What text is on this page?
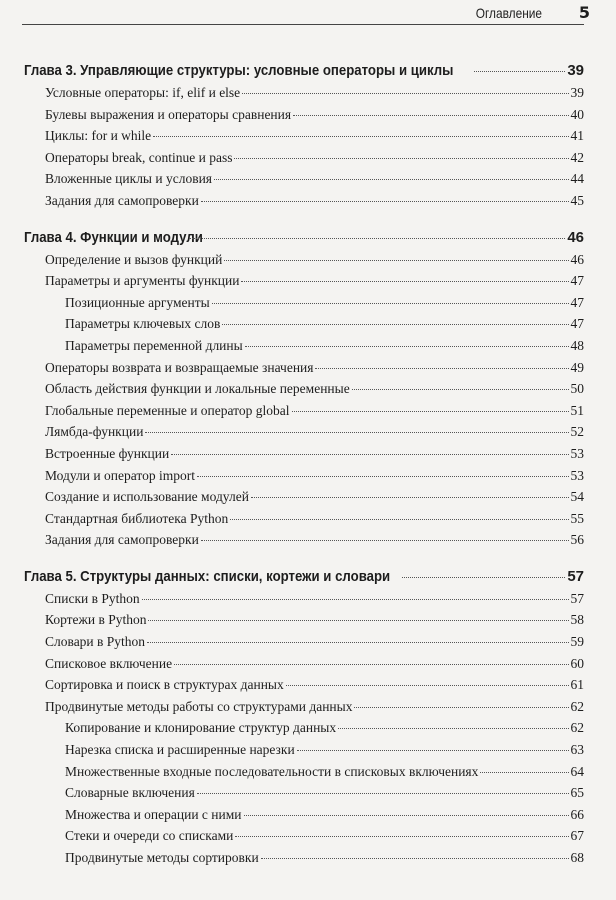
Оглавление 5
Глава 3. Управляющие структуры: условные операторы и циклы	39
Условные операторы: if, elif и else	39
Булевы выражения и операторы сравнения	40
Циклы: for и while	41
Операторы break, continue и pass	42
Вложенные циклы и условия	44
Задания для самопроверки	45
Глава 4. Функции и модули	46
Определение и вызов функций	46
Параметры и аргументы функции	47
Позиционные аргументы	47
Параметры ключевых слов	47
Параметры переменной длины	48
Операторы возврата и возвращаемые значения	49
Область действия функции и локальные переменные	50
Глобальные переменные и оператор global	51
Лямбда-функции	52
Встроенные функции	53
Модули и оператор import	53
Создание и использование модулей	54
Стандартная библиотека Python	55
Задания для самопроверки	56
Глава 5. Структуры данных: списки, кортежи и словари	57
Списки в Python	57
Кортежи в Python	58
Словари в Python	59
Списковое включение	60
Сортировка и поиск в структурах данных	61
Продвинутые методы работы со структурами данных	62
Копирование и клонирование структур данных	62
Нарезка списка и расширенные нарезки	63
Множественные входные последовательности в списковых включениях	64
Словарные включения	65
Множества и операции с ними	66
Стеки и очереди со списками	67
Продвинутые методы сортировки	68
